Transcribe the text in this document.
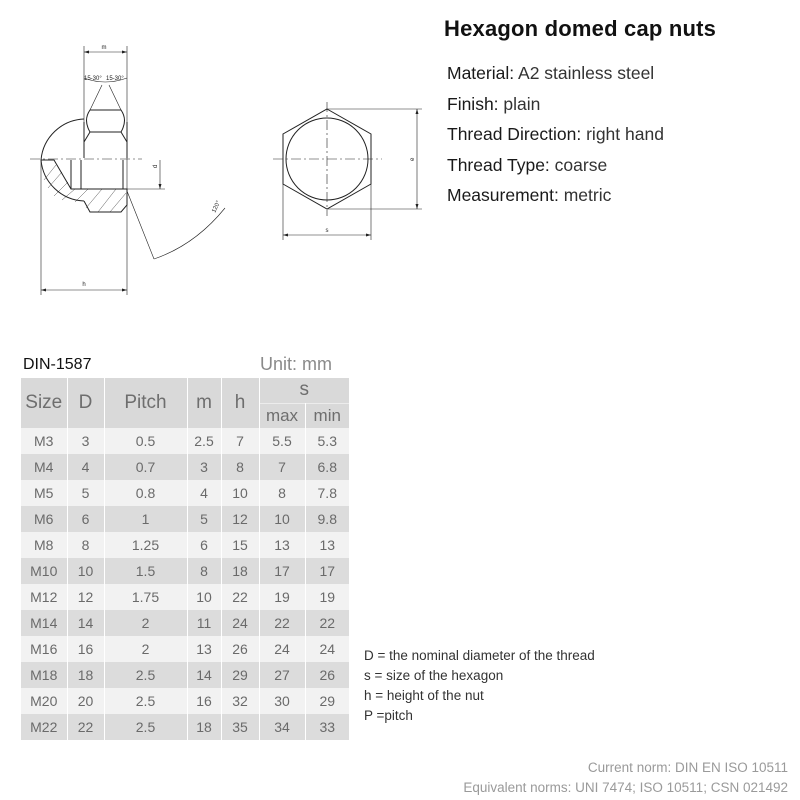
m
15-30° 15-30°
d
120°
h
e
s
Hexagon domed cap nuts
Material: A2 stainless steel
Finish: plain
Thread Direction: right hand
Thread Type: coarse
Measurement: metric
DIN-1587	Unit: mm
Size	D	Pitch	m	h	s	
					max	min
M3	3	0.5	2.5	7	5.5	5.3
M4	4	0.7	3	8	7	6.8
M5	5	0.8	4	10	8	7.8
M6	6	1	5	12	10	9.8
M8	8	1.25	6	15	13	13
M10	10	1.5	8	18	17	17
M12	12	1.75	10	22	19	19
M14	14	2	11	24	22	22
M16	16	2	13	26	24	24
M18	18	2.5	14	29	27	26
M20	20	2.5	16	32	30	29
M22	22	2.5	18	35	34	33
D = the nominal diameter of the thread
s = size of the hexagon
h = height of the nut
P =pitch
Current norm: DIN EN ISO 10511
Equivalent norms: UNI 7474; ISO 10511; CSN 021492
